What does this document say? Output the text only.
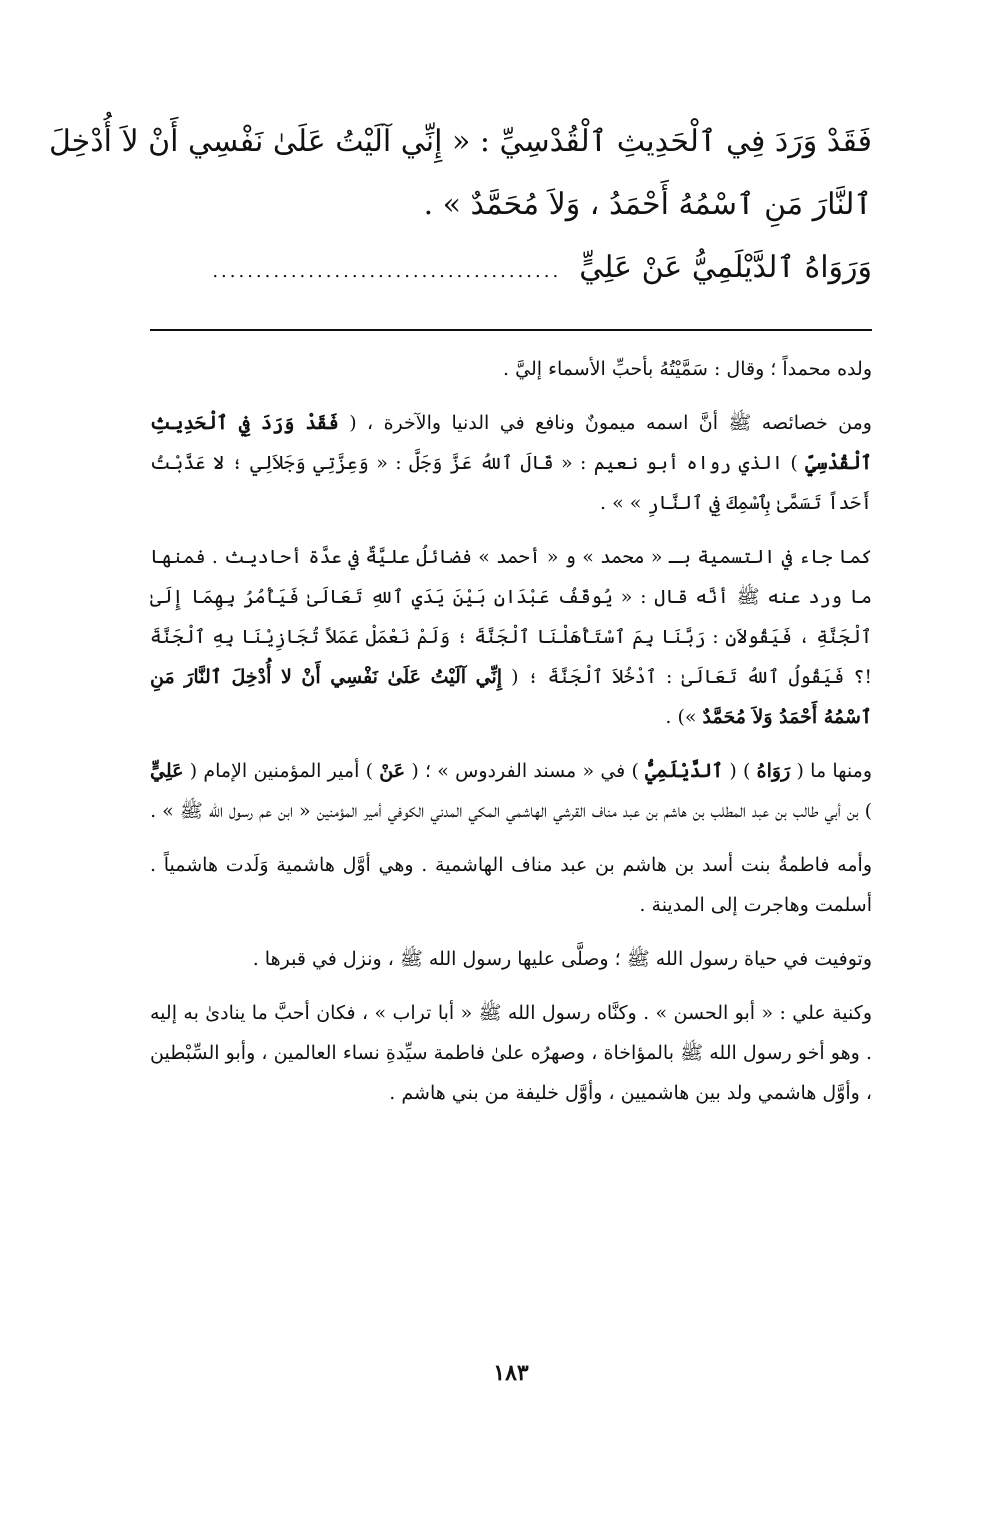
فَقَدْ وَرَدَ فِي ٱلْحَدِيثِ ٱلْقُدْسِيِّ : « إِنِّي آلَيْتُ عَلَىٰ نَفْسِي أَنْ لاَ أُدْخِلَ
ٱلنَّارَ مَنِ ٱسْمُهُ أَحْمَدُ ، وَلاَ مُحَمَّدٌ » .
وَرَوَاهُ ٱلدَّيْلَمِيُّ عَنْ عَلِيٍّ
........................................

ولده محمداً ؛ وقال : سَمَّيْتُهُ بأحبِّ الأسماء إليَّ .

ومن خصائصه ﷺ أنَّ اسمه ميمونٌ ونافع في الدنيا والآخرة ، ( فَقَدْ وَرَدَ فِي ٱلْحَدِيثِ ٱلْقُدْسِيِّ ) الذي رواه أبو نعيم : « قَالَ ٱللهُ عَزَّ وَجَلَّ : « وَعِزَّتِي وَجَلاَلِي ؛ لا عَذَّبْتُ أَحَداً تَسَمَّىٰ بِٱسْمِكَ فِي ٱلنَّارِ » » .

كما جاء في التسمية بـ « محمد » و « أحمد » فضائلُ عليَّةٌ في عدَّة أحاديث . فمنها ما ورد عنه ﷺ أنَّه قال : « يُوقَفُ عَبْدَانِ بَيْنَ يَدَيِ ٱللهِ تَعَالَىٰ فَيَأْمُرُ بِهِمَا إِلَىٰ ٱلْجَنَّةِ ، فَيَقُولاَنِ : رَبَّنَا بِمَ ٱسْتَأْهَلْنَا ٱلْجَنَّةَ ؛ وَلَمْ نَعْمَلْ عَمَلاً تُجَازِيْنَا بِهِ ٱلْجَنَّةَ !؟ فَيَقُولُ ٱللهُ تَعَالَىٰ : ٱدْخُلاَ ٱلْجَنَّةَ ؛ ( إِنِّي آلَيْتُ عَلَىٰ نَفْسِي أَنْ لا أُدْخِلَ ٱلنَّارَ مَنِ ٱسْمُهُ أَحْمَدُ وَلاَ مُحَمَّدٌ ») .

ومنها ما ( رَوَاهُ ) ( ٱلدَّيْلَمِيُّ ) في « مسند الفردوس » ؛ ( عَنْ ) أمير المؤمنين الإمام ( عَلِيٍّ ) بن أبي طالب بن عبد المطلب بن هاشم بن عبد مناف القرشي الهاشمي المكي المدني الكوفي أمير المؤمنين « ابن عم رسول الله ﷺ » .

وأمه فاطمةُ بنت أسد بن هاشم بن عبد مناف الهاشمية . وهي أوَّل هاشمية وَلَدت هاشمياً . أسلمت وهاجرت إلى المدينة .

وتوفيت في حياة رسول الله ﷺ ؛ وصلَّى عليها رسول الله ﷺ ، ونزل في قبرها .

وكنية علي : « أبو الحسن » . وكنَّاه رسول الله ﷺ « أبا تراب » ، فكان أحبَّ ما ينادىٰ به إليه . وهو أخو رسول الله ﷺ بالمؤاخاة ، وصهرُه علىٰ فاطمة سيِّدةِ نساء العالمين ، وأبو السِّبْطين ، وأوَّل هاشمي ولد بين هاشميين ، وأوَّل خليفة من بني هاشم .

١٨٣
